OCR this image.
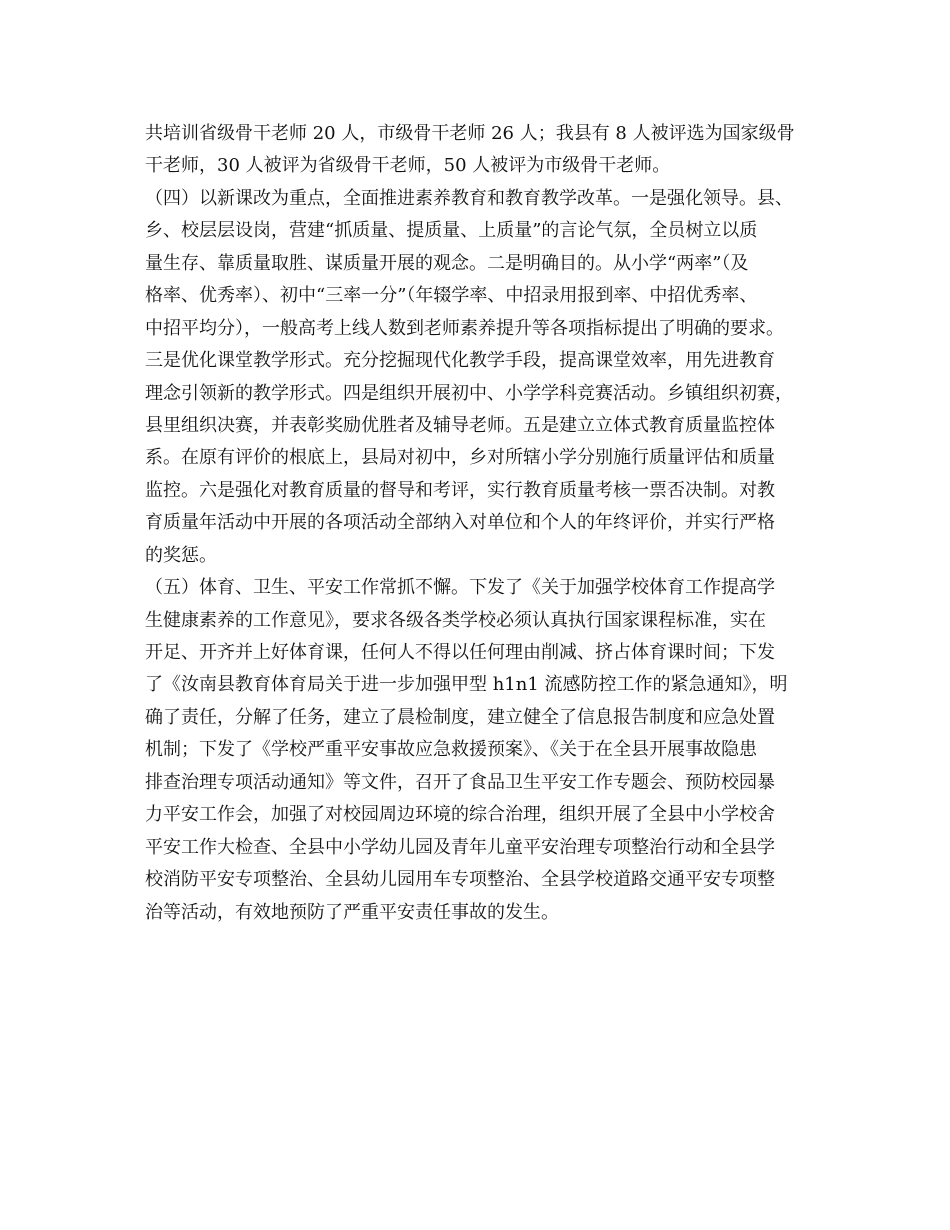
共培训省级骨干老师 20 人，市级骨干老师 26 人；我县有 8 人被评选为国家级骨
干老师，30 人被评为省级骨干老师，50 人被评为市级骨干老师。
（四）以新课改为重点，全面推进素养教育和教育教学改革。一是强化领导。县、
乡、校层层设岗，营建“抓质量、提质量、上质量”的言论气氛，全员树立以质
量生存、靠质量取胜、谋质量开展的观念。二是明确目的。从小学“两率”（及
格率、优秀率）、初中“三率一分”（年辍学率、中招录用报到率、中招优秀率、
中招平均分），一般高考上线人数到老师素养提升等各项指标提出了明确的要求。
三是优化课堂教学形式。充分挖掘现代化教学手段，提高课堂效率，用先进教育
理念引领新的教学形式。四是组织开展初中、小学学科竞赛活动。乡镇组织初赛，
县里组织决赛，并表彰奖励优胜者及辅导老师。五是建立立体式教育质量监控体
系。在原有评价的根底上，县局对初中，乡对所辖小学分别施行质量评估和质量
监控。六是强化对教育质量的督导和考评，实行教育质量考核一票否决制。对教
育质量年活动中开展的各项活动全部纳入对单位和个人的年终评价，并实行严格
的奖惩。
（五）体育、卫生、平安工作常抓不懈。下发了《关于加强学校体育工作提高学
生健康素养的工作意见》，要求各级各类学校必须认真执行国家课程标准，实在
开足、开齐并上好体育课，任何人不得以任何理由削减、挤占体育课时间；下发
了《汝南县教育体育局关于进一步加强甲型 h1n1 流感防控工作的紧急通知》，明
确了责任，分解了任务，建立了晨检制度，建立健全了信息报告制度和应急处置
机制；下发了《学校严重平安事故应急救援预案》、《关于在全县开展事故隐患
排查治理专项活动通知》等文件，召开了食品卫生平安工作专题会、预防校园暴
力平安工作会，加强了对校园周边环境的综合治理，组织开展了全县中小学校舍
平安工作大检查、全县中小学幼儿园及青年儿童平安治理专项整治行动和全县学
校消防平安专项整治、全县幼儿园用车专项整治、全县学校道路交通平安专项整
治等活动，有效地预防了严重平安责任事故的发生。
